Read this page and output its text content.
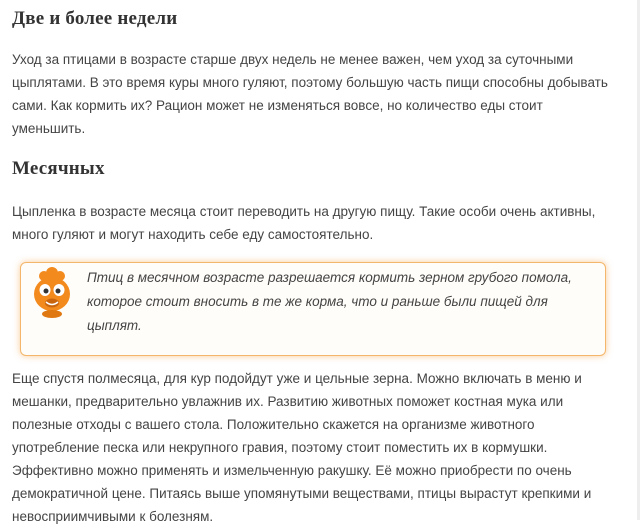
Две и более недели

Уход за птицами в возрасте старше двух недель не менее важен, чем уход за суточными цыплятами. В это время куры много гуляют, поэтому большую часть пищи способны добывать сами. Как кормить их? Рацион может не изменяться вовсе, но количество еды стоит уменьшить.

Месячных

Цыпленка в возрасте месяца стоит переводить на другую пищу. Такие особи очень активны, много гуляют и могут находить себе еду самостоятельно.

Птиц в месячном возрасте разрешается кормить зерном грубого помола, которое стоит вносить в те же корма, что и раньше были пищей для цыплят.

Еще спустя полмесяца, для кур подойдут уже и цельные зерна. Можно включать в меню и мешанки, предварительно увлажнив их. Развитию животных поможет костная мука или полезные отходы с вашего стола. Положительно скажется на организме животного употребление песка или некрупного гравия, поэтому стоит поместить их в кормушки. Эффективно можно применять и измельченную ракушку. Её можно приобрести по очень демократичной цене. Питаясь выше упомянутыми веществами, птицы вырастут крепкими и невосприимчивыми к болезням.
